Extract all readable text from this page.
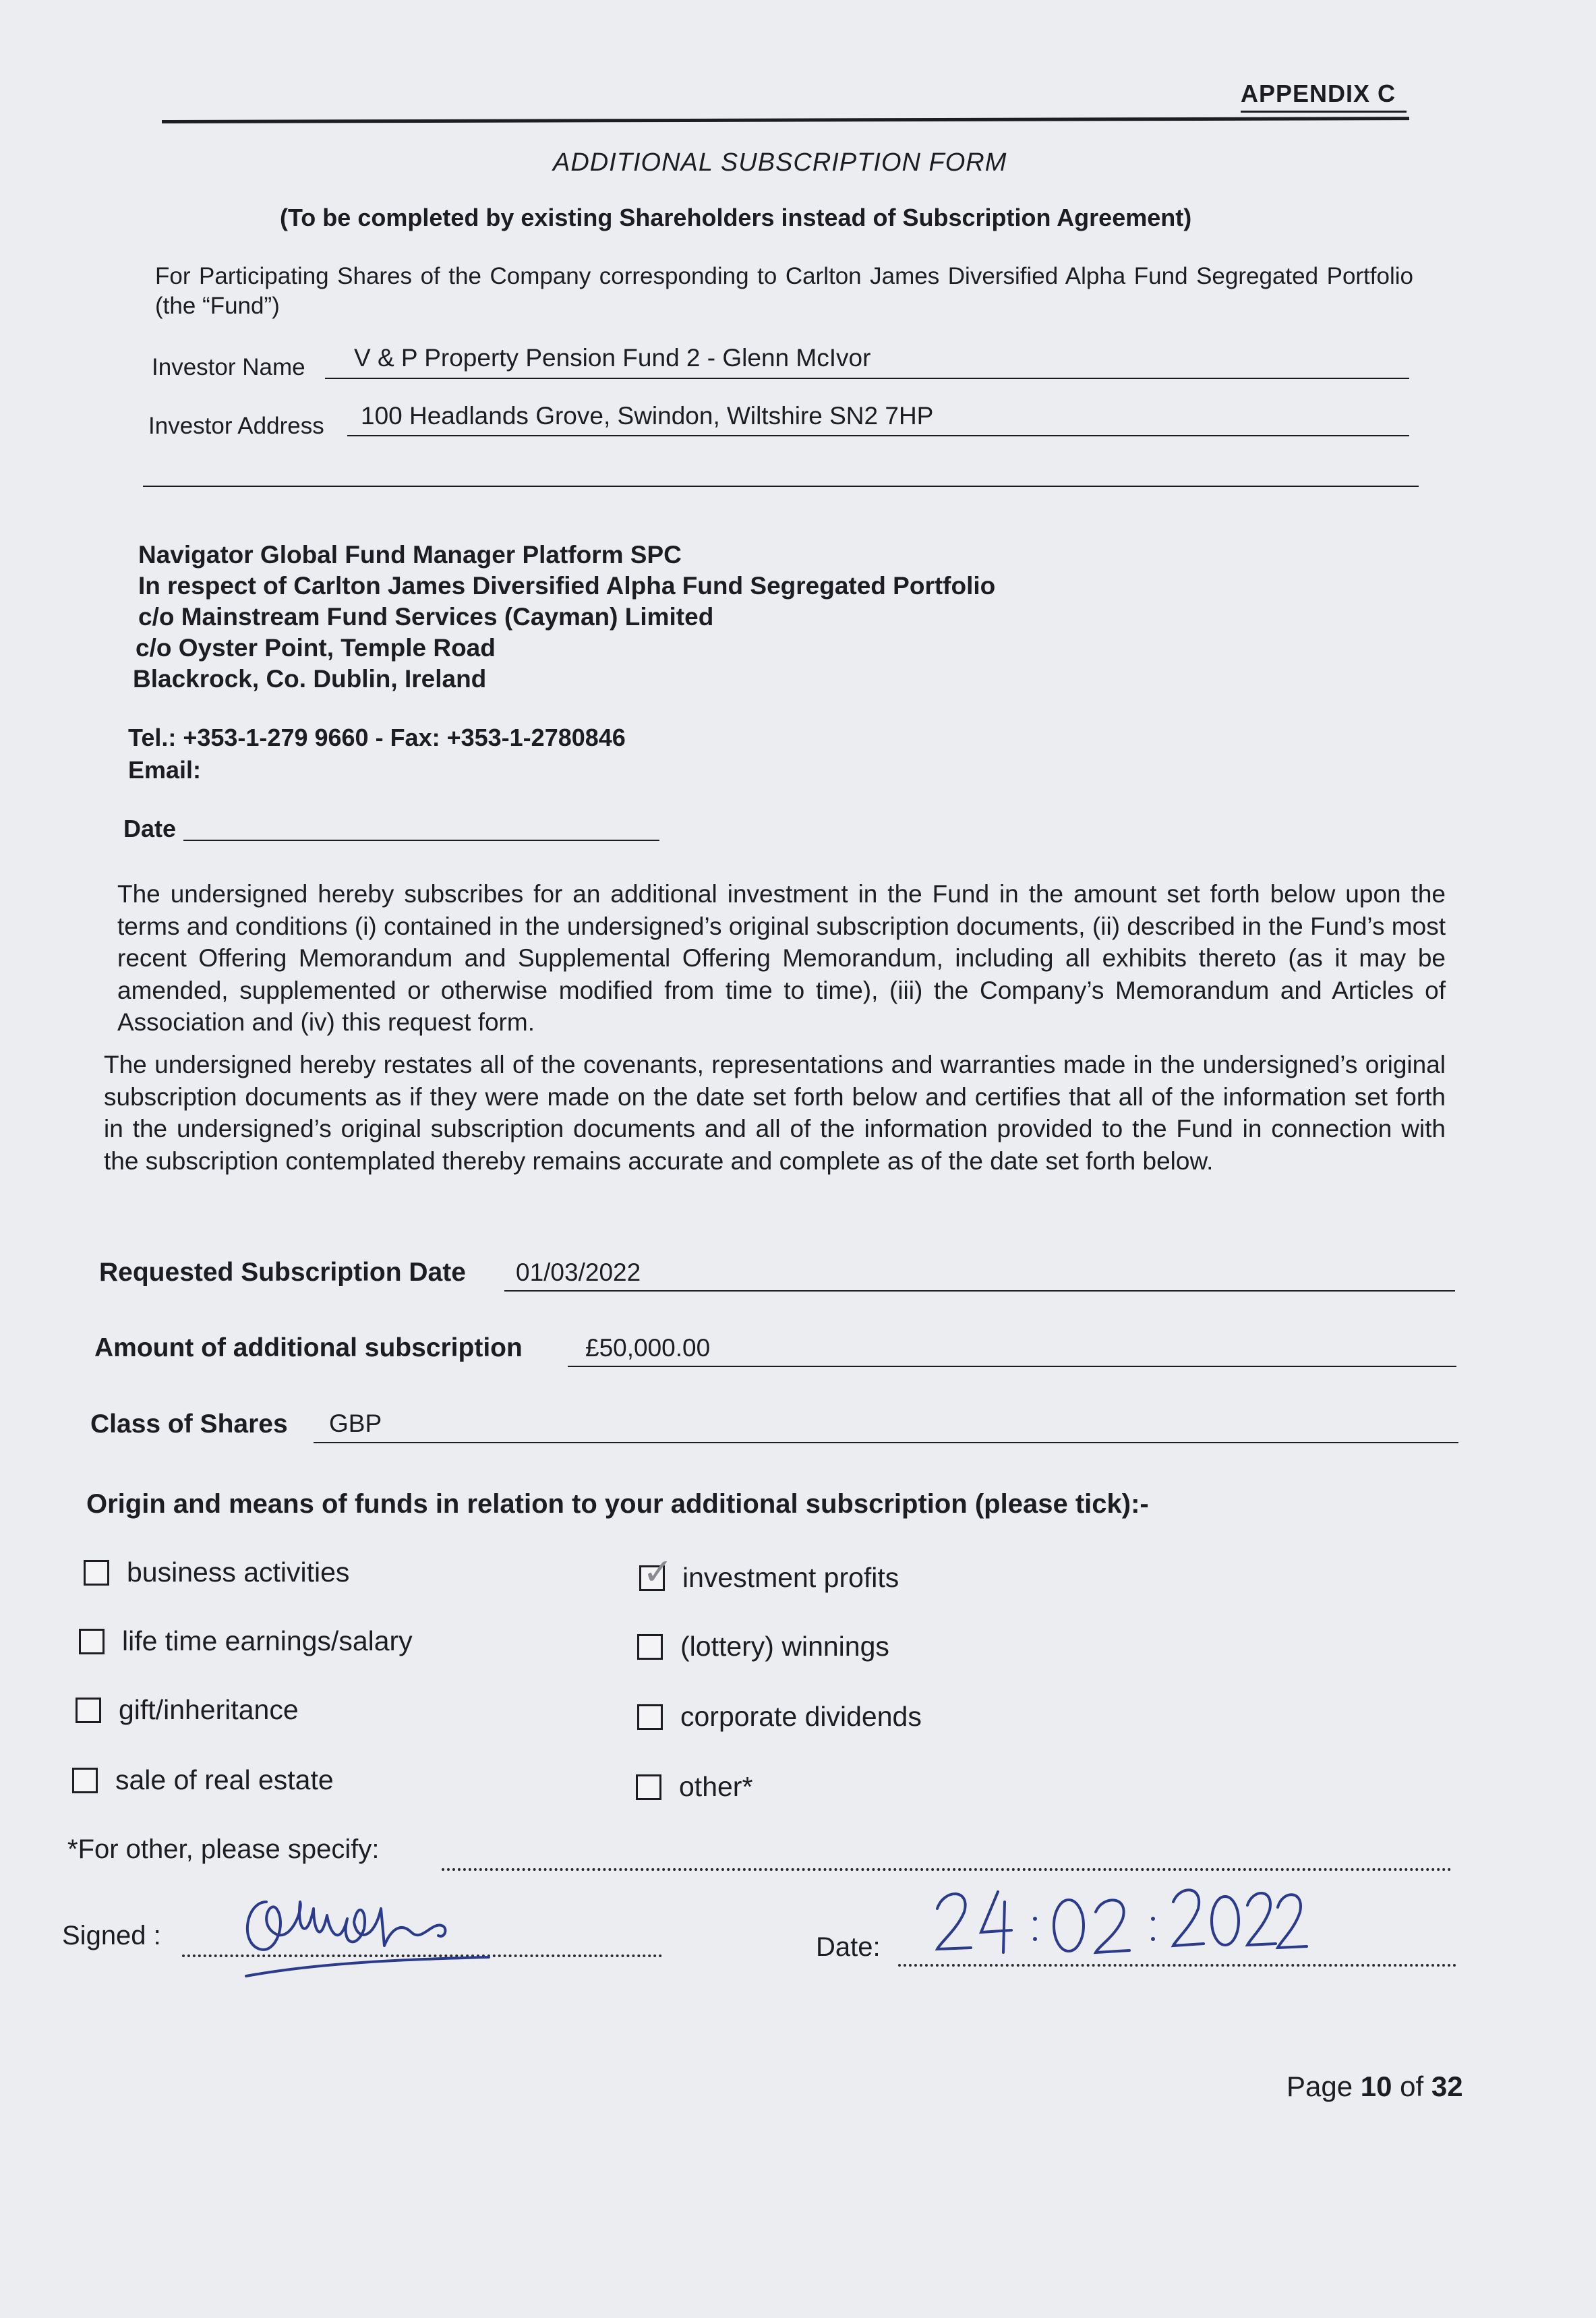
APPENDIX C
ADDITIONAL SUBSCRIPTION FORM
(To be completed by existing Shareholders instead of Subscription Agreement)
For Participating Shares of the Company corresponding to Carlton James Diversified Alpha Fund Segregated Portfolio (the “Fund”)
Investor Name V & P Property Pension Fund 2 - Glenn McIvor
Investor Address 100 Headlands Grove, Swindon, Wiltshire SN2 7HP
Navigator Global Fund Manager Platform SPC
In respect of Carlton James Diversified Alpha Fund Segregated Portfolio
c/o Mainstream Fund Services (Cayman) Limited
c/o Oyster Point, Temple Road
Blackrock, Co. Dublin, Ireland
Tel.: +353-1-279 9660 - Fax: +353-1-2780846
Email:
Date
The undersigned hereby subscribes for an additional investment in the Fund in the amount set forth below upon the terms and conditions (i) contained in the undersigned’s original subscription documents, (ii) described in the Fund’s most recent Offering Memorandum and Supplemental Offering Memorandum, including all exhibits thereto (as it may be amended, supplemented or otherwise modified from time to time), (iii) the Company’s Memorandum and Articles of Association and (iv) this request form.
The undersigned hereby restates all of the covenants, representations and warranties made in the undersigned’s original subscription documents as if they were made on the date set forth below and certifies that all of the information set forth in the undersigned’s original subscription documents and all of the information provided to the Fund in connection with the subscription contemplated thereby remains accurate and complete as of the date set forth below.
Requested Subscription Date 01/03/2022
Amount of additional subscription	£50,000.00
Class of Shares GBP
Origin and means of funds in relation to your additional subscription (please tick):-
business activities
life time earnings/salary
gift/inheritance
sale of real estate
✓ investment profits
(lottery) winnings
corporate dividends
other*
*For other, please specify:
Signed :	Date:
Page 10 of 32
